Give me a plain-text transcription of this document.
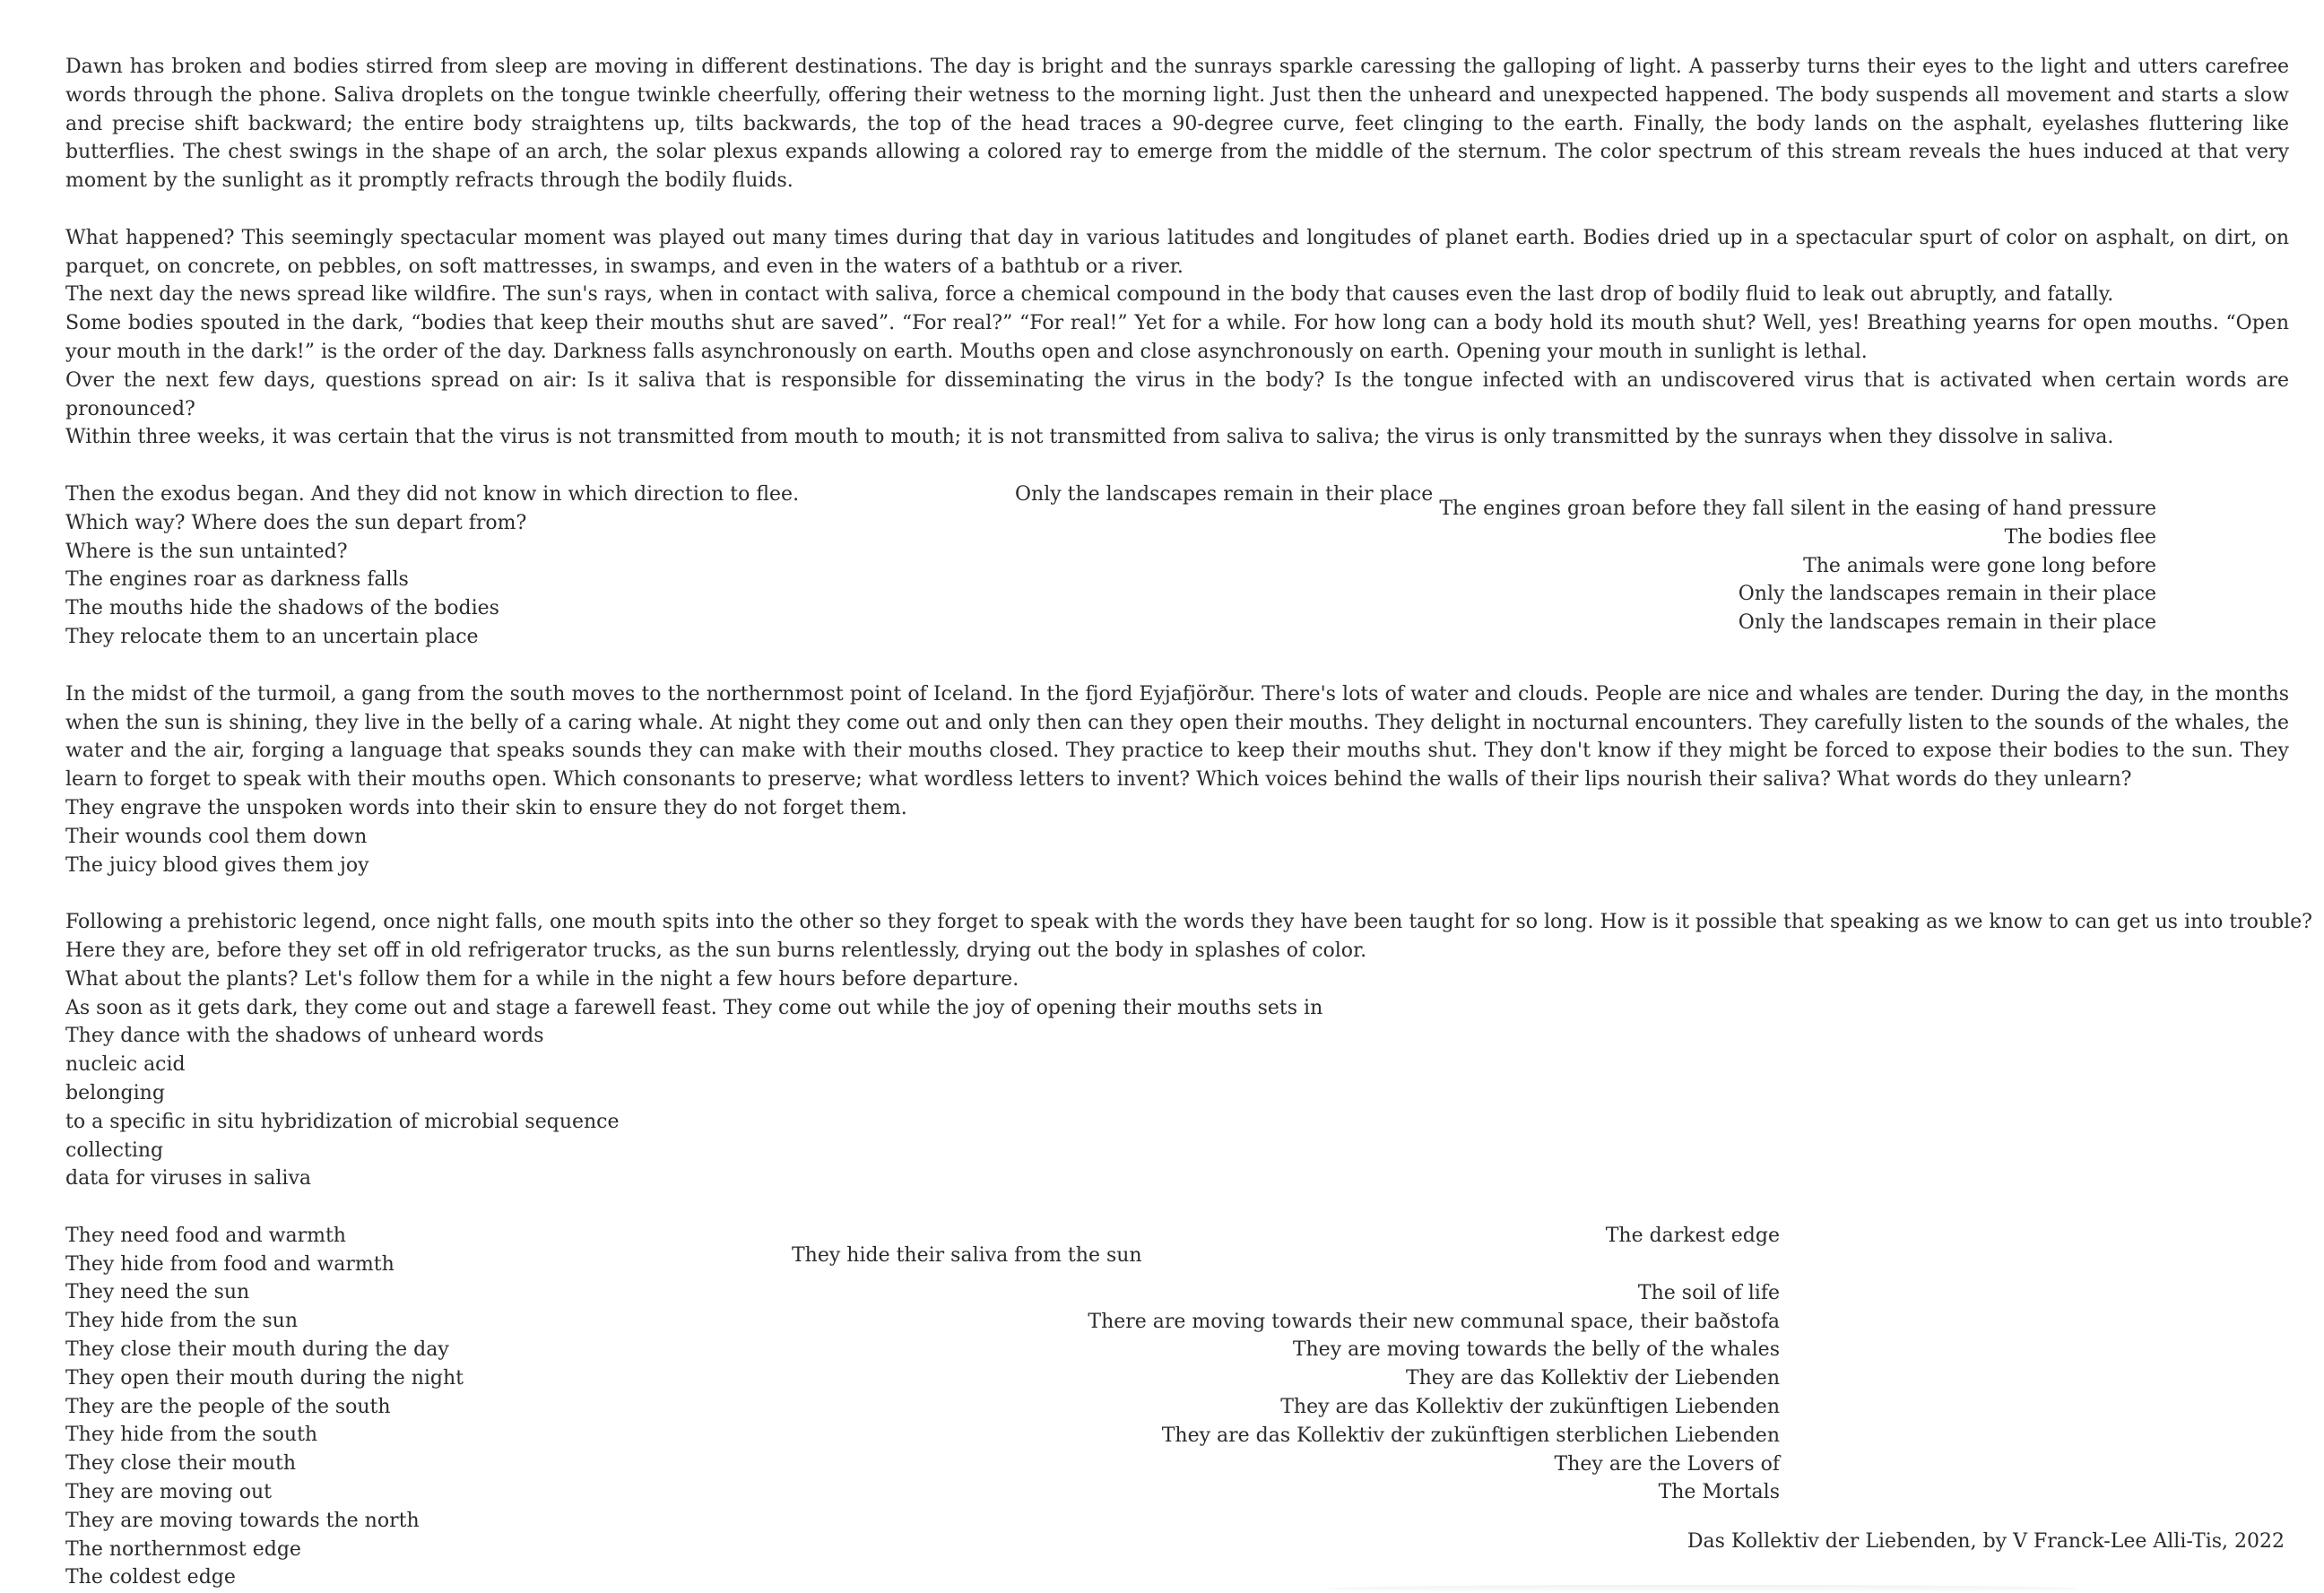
Dawn has broken and bodies stirred from sleep are moving in different destinations. The day is bright and the sunrays sparkle caressing the galloping of light. A passerby turns their eyes to the light and utters carefree words through the phone. Saliva droplets on the tongue twinkle cheerfully, offering their wetness to the morning light. Just then the unheard and unexpected happened. The body suspends all movement and starts a slow and precise shift backward; the entire body straightens up, tilts backwards, the top of the head traces a 90-degree curve, feet clinging to the earth. Finally, the body lands on the asphalt, eyelashes fluttering like butterflies. The chest swings in the shape of an arch, the solar plexus expands allowing a colored ray to emerge from the middle of the sternum. The color spectrum of this stream reveals the hues induced at that very moment by the sunlight as it promptly refracts through the bodily fluids.

What happened? This seemingly spectacular moment was played out many times during that day in various latitudes and longitudes of planet earth. Bodies dried up in a spectacular spurt of color on asphalt, on dirt, on parquet, on concrete, on pebbles, on soft mattresses, in swamps, and even in the waters of a bathtub or a river.

The next day the news spread like wildfire. The sun's rays, when in contact with saliva, force a chemical compound in the body that causes even the last drop of bodily fluid to leak out abruptly, and fatally.

Some bodies spouted in the dark, “bodies that keep their mouths shut are saved”. “For real?” “For real!” Yet for a while. For how long can a body hold its mouth shut? Well, yes! Breathing yearns for open mouths. “Open your mouth in the dark!” is the order of the day. Darkness falls asynchronously on earth. Mouths open and close asynchronously on earth. Opening your mouth in sunlight is lethal.

Over the next few days, questions spread on air: Is it saliva that is responsible for disseminating the virus in the body? Is the tongue infected with an undiscovered virus that is activated when certain words are pronounced?

Within three weeks, it was certain that the virus is not transmitted from mouth to mouth; it is not transmitted from saliva to saliva; the virus is only transmitted by the sunrays when they dissolve in saliva.

Then the exodus began. And they did not know in which direction to flee.
Which way? Where does the sun depart from?
Where is the sun untainted?
The engines roar as darkness falls
The mouths hide the shadows of the bodies
They relocate them to an uncertain place
Only the landscapes remain in their place
The engines groan before they fall silent in the easing of hand pressure
The bodies flee
The animals were gone long before
Only the landscapes remain in their place
Only the landscapes remain in their place

In the midst of the turmoil, a gang from the south moves to the northernmost point of Iceland. In the fjord Eyjafjörður. There's lots of water and clouds. People are nice and whales are tender. During the day, in the months when the sun is shining, they live in the belly of a caring whale. At night they come out and only then can they open their mouths. They delight in nocturnal encounters. They carefully listen to the sounds of the whales, the water and the air, forging a language that speaks sounds they can make with their mouths closed. They practice to keep their mouths shut. They don't know if they might be forced to expose their bodies to the sun. They learn to forget to speak with their mouths open. Which consonants to preserve; what wordless letters to invent? Which voices behind the walls of their lips nourish their saliva? What words do they unlearn?

They engrave the unspoken words into their skin to ensure they do not forget them.
Their wounds cool them down
The juicy blood gives them joy
Following a prehistoric legend, once night falls, one mouth spits into the other so they forget to speak with the words they have been taught for so long. How is it possible that speaking as we know to can get us into trouble?
Here they are, before they set off in old refrigerator trucks, as the sun burns relentlessly, drying out the body in splashes of color.
What about the plants? Let's follow them for a while in the night a few hours before departure.
As soon as it gets dark, they come out and stage a farewell feast. They come out while the joy of opening their mouths sets in
They dance with the shadows of unheard words
nucleic acid
belonging
to a specific in situ hybridization of microbial sequence
collecting
data for viruses in saliva
They need food and warmth
They hide from food and warmth
They need the sun
They hide from the sun
They close their mouth during the day
They open their mouth during the night
They are the people of the south
They hide from the south
They close their mouth
They are moving out
They are moving towards the north
The northernmost edge
The coldest edge
They hide their saliva from the sun
The darkest edge
The soil of life
There are moving towards their new communal space, their baðstofa
They are moving towards the belly of the whales
They are das Kollektiv der Liebenden
They are das Kollektiv der zukünftigen Liebenden
They are das Kollektiv der zukünftigen sterblichen Liebenden
They are the Lovers of
The Mortals
Das Kollektiv der Liebenden, by V Franck-Lee Alli-Tis, 2022
